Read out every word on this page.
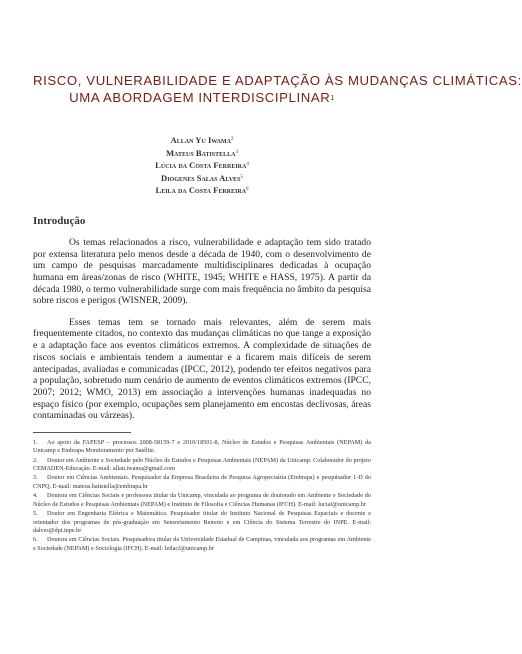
RISCO, VULNERABILIDADE E ADAPTAÇÃO ÀS MUDANÇAS CLIMÁTICAS:
UMA ABORDAGEM INTERDISCIPLINAR$^1$
Allan Yu Iwama$^2$
Mateus Batistella$^3$
Lúcia da Costa Ferreira$^4$
Diogenes Salas Alves$^5$
Leila da Costa Ferreira$^6$
Introdução

Os temas relacionados a risco, vulnerabilidade e adaptação tem sido tratado por extensa literatura pelo menos desde a década de 1940, com o desenvolvimento de um campo de pesquisas marcadamente multidisciplinares dedicadas à ocupação humana em áreas/zonas de risco (WHITE, 1945; WHITE e HASS, 1975). A partir da década 1980, o termo vulnerabilidade surge com mais frequência no âmbito da pesquisa sobre riscos e perigos (WISNER, 2009).

Esses temas tem se tornado mais relevantes, além de serem mais frequentemente citados, no contexto das mudanças climáticas no que tange a exposição e a adaptação face aos eventos climáticos extremos. A complexidade de situações de riscos sociais e ambientais tendem a aumentar e a ficarem mais difíceis de serem antecipadas, avaliadas e comunicadas (IPCC, 2012), podendo ter efeitos negativos para a população, sobretudo num cenário de aumento de eventos climáticos extremos (IPCC, 2007; 2012; WMO, 2013) em associação a intervenções humanas inadequadas no espaço físico (por exemplo, ocupações sem planejamento em encostas declivosas, áreas contaminadas ou várzeas).

1. Ao apoio da FAPESP – processos 2008-58159-7 e 2010/18501-8, Núcleo de Estudos e Pesquisas Ambientais (NEPAM) da Unicamp e Embrapa Monitoramento por Satélite.
2. Doutor em Ambiente e Sociedade pelo Núcleo de Estudos e Pesquisas Ambientais (NEPAM) da Unicamp. Colaborador do projeto CEMADEN-Educação. E-mail: allan.iwama@gmail.com
3. Doutor em Ciências Ambientais. Pesquisador da Empresa Brasileira de Pesquisa Agropecuária (Embrapa) e pesquisador 1-D do CNPQ. E-mail: mateus.batistella@embrapa.br
4. Doutora em Ciências Sociais e professora titular da Unicamp, vinculada ao programa de doutorado em Ambiente e Sociedade do Núcleo de Estudos e Pesquisas Ambientais (NEPAM) e Instituto de Filosofia e Ciências Humanas (IFCH). E-mail: luciaf@unicamp.br
5. Doutor em Engenharia Elétrica e Matemática. Pesquisador titular do Instituto Nacional de Pesquisas Espaciais e docente e orientador dos programas de pós-graduação em Sensoriamento Remoto e em Ciência do Sistema Terrestre do INPE. E-mail: dalves@dpi.inpe.br
6. Doutora em Ciências Sociais. Pesquisadora titular da Universidade Estadual de Campinas, vinculada aos programas em Ambiente e Sociedade (NEPAM) e Sociologia (IFCH). E-mail: leilacf@unicamp.br
